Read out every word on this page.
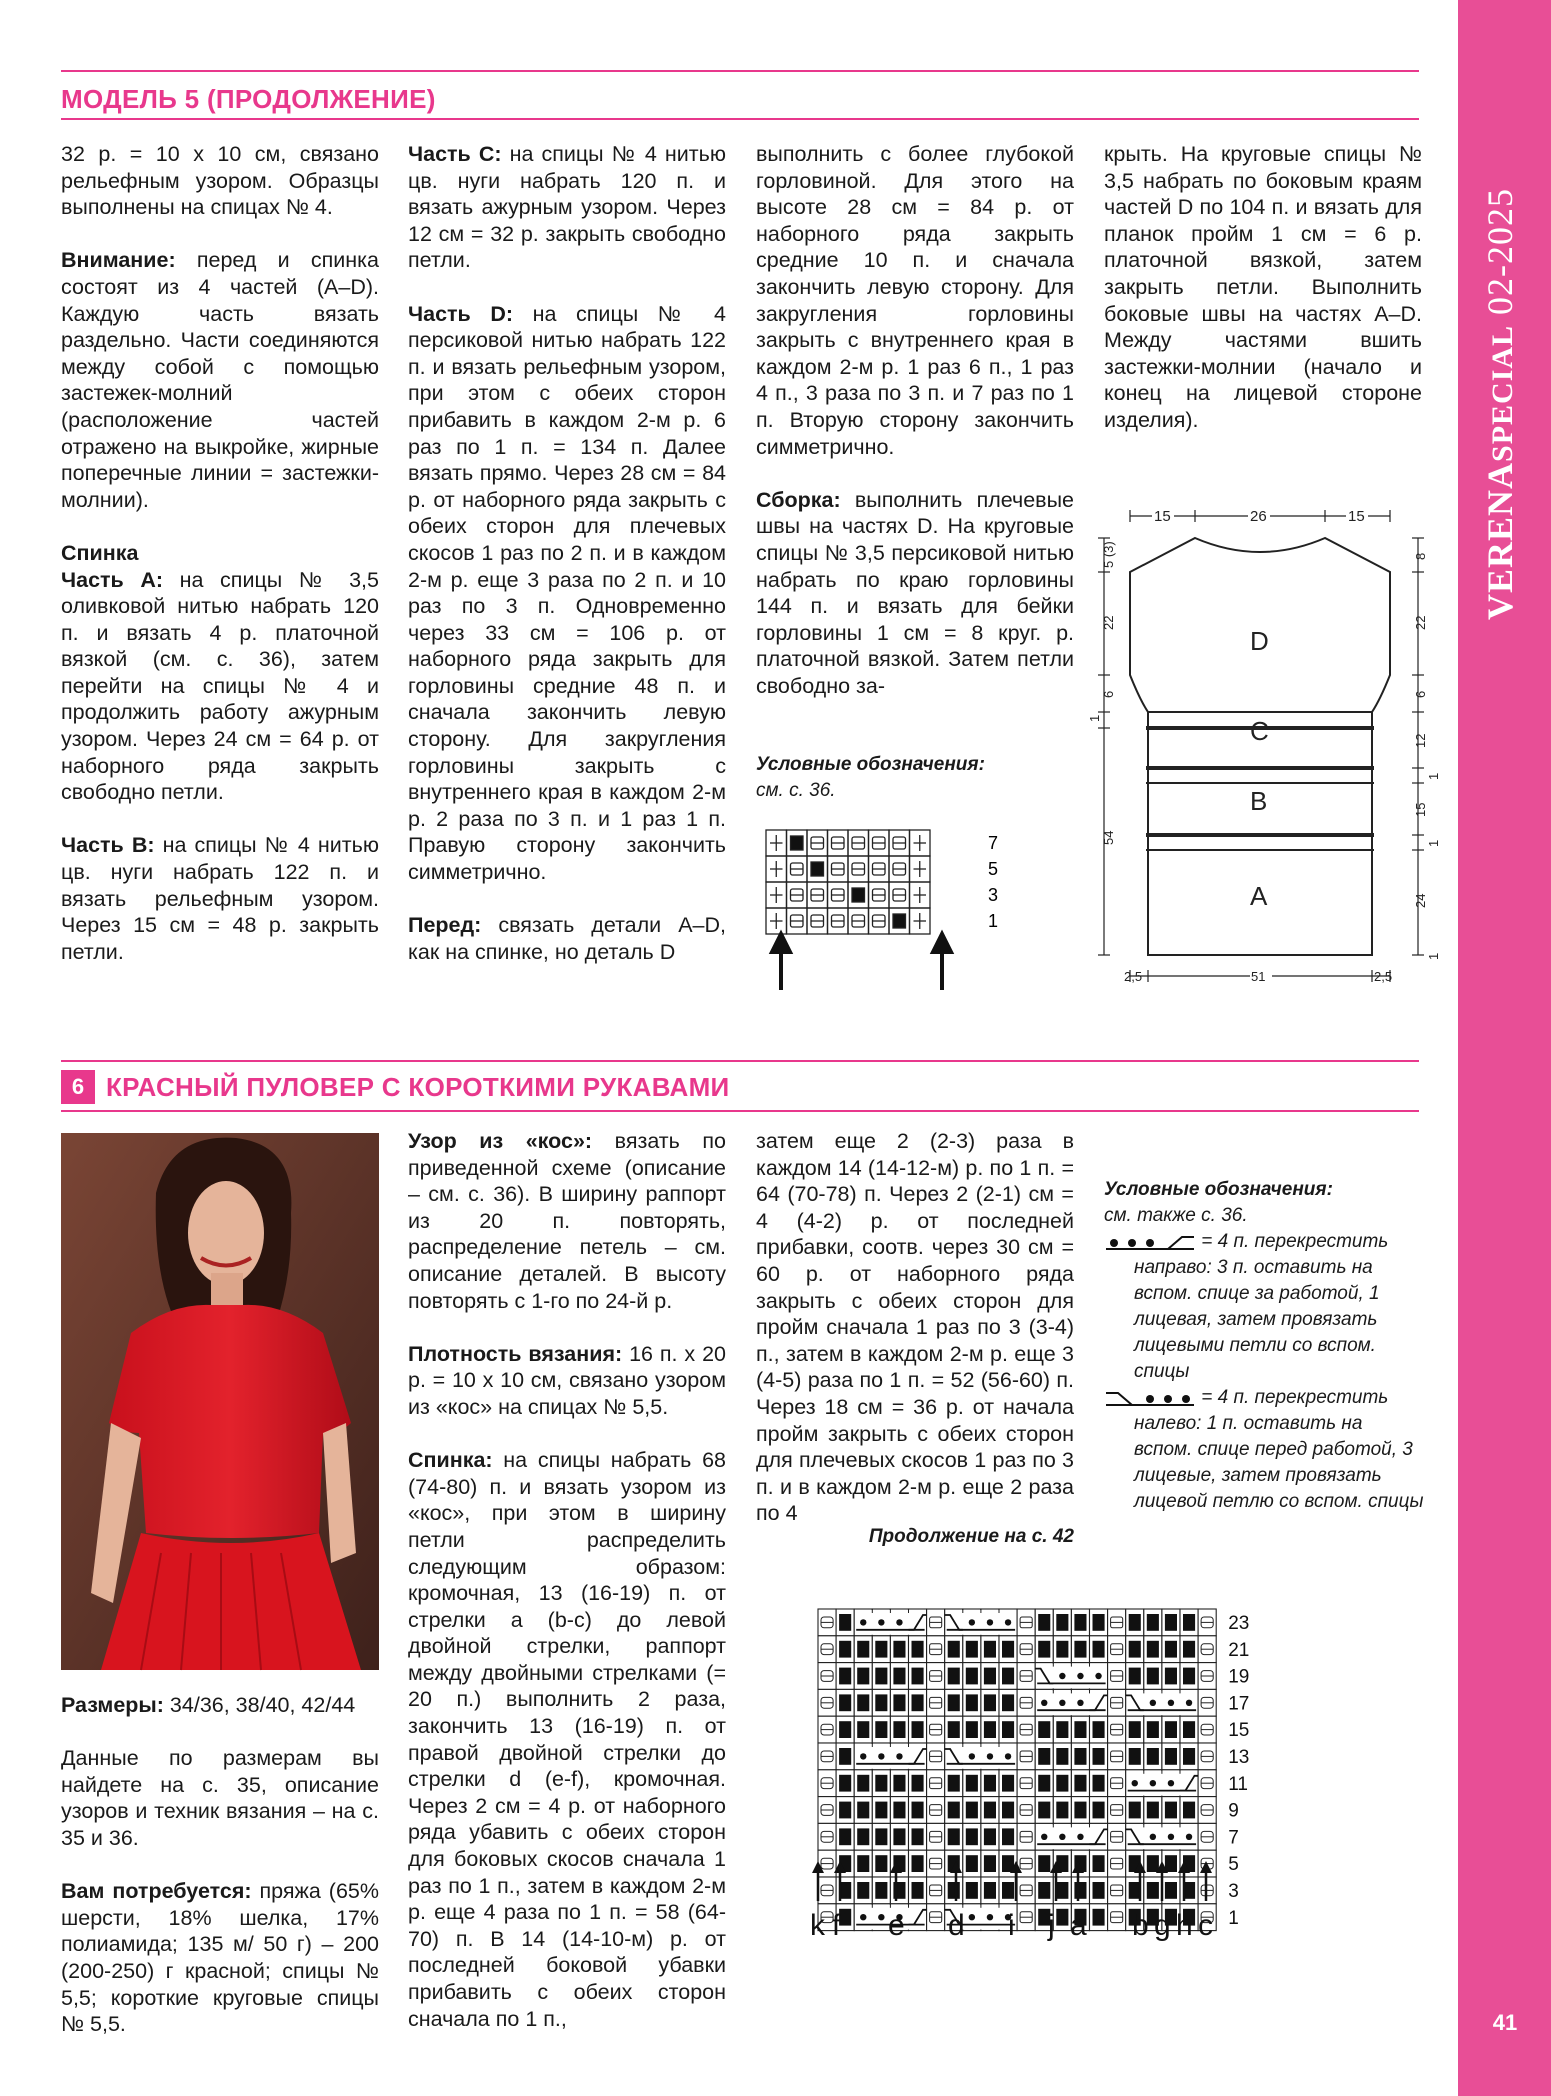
VERENASPECIAL 02-2025
41
МОДЕЛЬ 5 (ПРОДОЛЖЕНИЕ)

32 р. = 10 х 10 см, связано рельефным узором. Образцы выполнены на спицах № 4.

Внимание: перед и спинка состоят из 4 частей (A–D). Каждую часть вязать раздельно. Части соединяются между собой с помощью застежек-молний (расположение частей отражено на выкройке, жирные поперечные линии = застежки-молнии).

Спинка

Часть А: на спицы № 3,5 оливковой нитью набрать 120 п. и вязать 4 р. платочной вязкой (см. с. 36), затем перейти на спицы № 4 и продолжить работу ажурным узором. Через 24 см = 64 р. от наборного ряда закрыть свободно петли.

Часть В: на спицы № 4 нитью цв. нуги набрать 122 п. и вязать рельефным узором. Через 15 см = 48 р. закрыть петли.

Часть С: на спицы № 4 нитью цв. нуги набрать 120 п. и вязать ажурным узором. Через 12 см = 32 р. закрыть свободно петли.

Часть D: на спицы № 4 персиковой нитью набрать 122 п. и вязать рельефным узором, при этом с обеих сторон прибавить в каждом 2-м р. 6 раз по 1 п. = 134 п. Далее вязать прямо. Через 28 см = 84 р. от наборного ряда закрыть с обеих сторон для плечевых скосов 1 раз по 2 п. и в каждом 2-м р. еще 3 раза по 2 п. и 10 раз по 3 п. Одновременно через 33 см = 106 р. от наборного ряда закрыть для горловины средние 48 п. и сначала закончить левую сторону. Для закругления горловины закрыть с внутреннего края в каждом 2-м р. 2 раза по 3 п. и 1 раз 1 п. Правую сторону закончить симметрично.

Перед: связать детали А–D, как на спинке, но деталь D

выполнить с более глубокой горловиной. Для этого на высоте 28 см = 84 р. от наборного ряда закрыть средние 10 п. и сначала закончить левую сторону. Для закругления горловины закрыть с внутреннего края в каждом 2-м р. 1 раз 6 п., 1 раз 4 п., 3 раза по 3 п. и 7 раз по 1 п. Вторую сторону закончить симметрично.

Сборка: выполнить плечевые швы на частях D. На круговые спицы № 3,5 персиковой нитью набрать по краю горловины 144 п. и вязать для бейки горловины 1 см = 8 круг. р. платочной вязкой. Затем петли свободно за-

крыть. На круговые спицы № 3,5 набрать по боковым краям частей D по 104 п. и вязать для планок пройм 1 см = 6 р. платочной вязкой, затем закрыть петли. Выполнить боковые швы на частях A–D. Между частями вшить застежки-молнии (начало и конец на лицевой стороне изделия).

Условные обозначения:
см. с. 36.
7
5
3
1
15	26	15
D
C
B
A
8
22
6
12
1
15
1
24
1
5 (3)
22
6
1
54
2,5	51	2,5
6 КРАСНЫЙ ПУЛОВЕР С КОРОТКИМИ РУКАВАМИ

Размеры: 34/36, 38/40, 42/44

Данные по размерам вы найдете на с. 35, описание узоров и техник вязания – на с. 35 и 36.

Вам потребуется: пряжа (65% шерсти, 18% шелка, 17% полиамида; 135 м/ 50 г) – 200 (200-250) г красной; спицы № 5,5; короткие круговые спицы № 5,5.

Узор из «кос»: вязать по приведенной схеме (описание – см. с. 36). В ширину раппорт из 20 п. повторять, распределение петель – см. описание деталей. В высоту повторять с 1-го по 24-й р.

Плотность вязания: 16 п. х 20 р. = 10 х 10 см, связано узором из «кос» на спицах № 5,5.

Спинка: на спицы набрать 68 (74-80) п. и вязать узором из «кос», при этом в ширину петли распределить следующим образом: кромочная, 13 (16-19) п. от стрелки а (b-c) до левой двойной стрелки, раппорт между двойными стрелками (= 20 п.) выполнить 2 раза, закончить 13 (16-19) п. от правой двойной стрелки до стрелки d (e-f), кромочная. Через 2 см = 4 р. от наборного ряда убавить с обеих сторон для боковых скосов сначала 1 раз по 1 п., затем в каждом 2-м р. еще 4 раза по 1 п. = 58 (64-70) п. В 14 (14-10-м) р. от последней боковой убавки прибавить с обеих сторон сначала по 1 п.,

затем еще 2 (2-3) раза в каждом 14 (14-12-м) р. по 1 п. = 64 (70-78) п. Через 2 (2-1) см = 4 (4-2) р. от последней прибавки, соотв. через 30 см = 60 р. от наборного ряда закрыть с обеих сторон для пройм сначала 1 раз по 3 (3-4) п., затем в каждом 2-м р. еще 3 (4-5) раза по 1 п. = 52 (56-60) п. Через 18 см = 36 р. от начала пройм закрыть с обеих сторон для плечевых скосов 1 раз по 3 п. и в каждом 2-м р. еще 2 раза по 4

Продолжение на с. 42
Условные обозначения:
см. также с. 36.
= 4 п. перекрестить
направо: 3 п. оставить на вспом. спице за работой, 1 лицевая, затем провязать лицевыми петли со вспом. спицы
= 4 п. перекрестить
налево: 1 п. оставить на вспом. спице перед работой, 3 лицевые, затем провязать лицевой петлю со вспом. спицы
23
21
19
17
15
13
11
9
7
5
3
1
k f e d i j a b g h c
